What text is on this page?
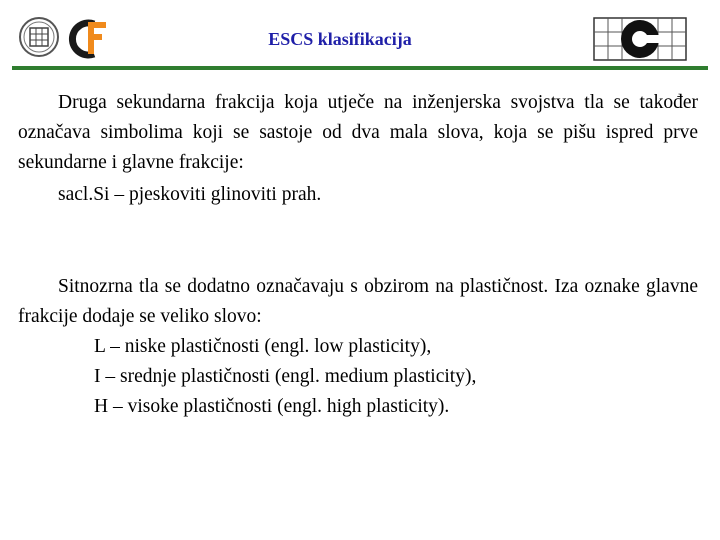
ESCS klasifikacija

Druga sekundarna frakcija koja utječe na inženjerska svojstva tla se također označava simbolima koji se sastoje od dva mala slova, koja se pišu ispred prve sekundarne i glavne frakcije:

sacl.Si – pjeskoviti glinoviti prah.

Sitnozrna tla se dodatno označavaju s obzirom na plastičnost. Iza oznake glavne frakcije dodaje se veliko slovo:

L – niske plastičnosti (engl. low plasticity),

I – srednje plastičnosti (engl. medium plasticity),

H – visoke plastičnosti (engl. high plasticity).
